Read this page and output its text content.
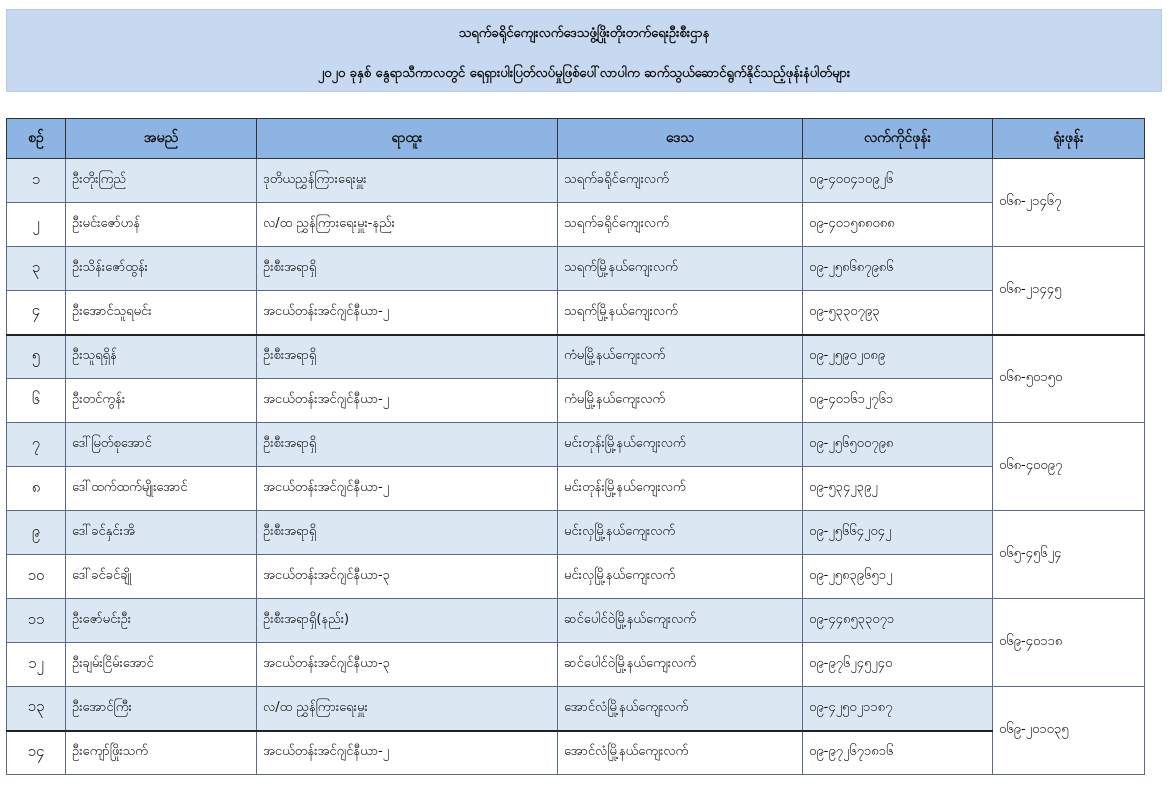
သရက်ခရိုင်ကျေးလက်ဒေသဖွံ့ဖြိုးတိုးတက်ရေးဦးစီးဌာန
၂၀၂၀ ခုနှစ် နွေရာသီကာလတွင် ရေရှားပါးပြတ်လပ်မှုဖြစ်ပေါ်လာပါက ဆက်သွယ်ဆောင်ရွက်နိုင်သည့်ဖုန်းနံပါတ်များ
စဉ်	အမည်	ရာထူး	ဒေသ	လက်ကိုင်ဖုန်း	ရုံးဖုန်း
၁	ဦးတိုးကြည်	ဒုတိယညွှန်ကြားရေးမှူး	သရက်ခရိုင်ကျေးလက်	၀၉-၄၀၀၄၁၀၉၂၆	၀၆၈-၂၁၄၆၇
၂	ဦးမင်းဇော်ဟန်	လ/ထ ညွှန်ကြားရေးမှူး-နည်း	သရက်ခရိုင်ကျေးလက်	၀၉-၄၀၁၅၈၈၀၈၈	
၃	ဦးသိန်းဇော်ထွန်း	ဦးစီးအရာရှိ	သရက်မြို့နယ်ကျေးလက်	၀၉-၂၅၈၆၈၇၉၈၆	၀၆၈-၂၁၄၄၅
၄	ဦးအောင်သူရမင်း	အငယ်တန်းအင်ဂျင်နီယာ-၂	သရက်မြို့နယ်ကျေးလက်	၀၉-၅၃၃၀၇၉၃	
၅	ဦးသူရရှိန်	ဦးစီးအရာရှိ	ကံမမြို့နယ်ကျေးလက်	၀၉-၂၅၉၀၂၀၈၉	၀၆၈-၅၀၁၅၀
၆	ဦးတင်ကွန်း	အငယ်တန်းအင်ဂျင်နီယာ-၂	ကံမမြို့နယ်ကျေးလက်	၀၉-၄၀၁၆၁၂၇၆၁	
၇	ဒေါ်မြတ်စုအောင်	ဦးစီးအရာရှိ	မင်းတုန်းမြို့နယ်ကျေးလက်	၀၉-၂၅၆၅၀၀၇၉၈	၀၆၈-၄၀၀၉၇
၈	ဒေါ်ထက်ထက်မျိုးအောင်	အငယ်တန်းအင်ဂျင်နီယာ-၂	မင်းတုန်းမြို့နယ်ကျေးလက်	၀၉-၅၃၄၂၃၉၂	
၉	ဒေါ်ခင်နှင်းအိ	ဦးစီးအရာရှိ	မင်းလှမြို့နယ်ကျေးလက်	၀၉-၂၅၆၆၄၂၀၄၂	၀၆၅-၄၅၆၂၄
၁၀	ဒေါ်ခင်ခင်ချို	အငယ်တန်းအင်ဂျင်နီယာ-၃	မင်းလှမြို့နယ်ကျေးလက်	၀၉-၂၅၈၃၉၆၅၁၂	
၁၁	ဦးဇော်မင်းဦး	ဦးစီးအရာရှိ(နည်း)	ဆင်ပေါင်ဝဲမြို့နယ်ကျေးလက်	၀၉-၄၄၈၅၃၃၀၇၁	၀၆၉-၄၀၁၁၈
၁၂	ဦးချမ်းငြိမ်းအောင်	အငယ်တန်းအင်ဂျင်နီယာ-၃	ဆင်ပေါင်ဝဲမြို့နယ်ကျေးလက်	၀၉-၉၇၆၂၄၅၂၄၀	
၁၃	ဦးအောင်ကြီး	လ/ထ ညွှန်ကြားရေးမှူး	အောင်လံမြို့နယ်ကျေးလက်	၀၉-၄၂၅၀၂၁၁၈၇	၀၆၉-၂၀၁၀၃၅
၁၄	ဦးကျော်ဖြိုးသက်	အငယ်တန်းအင်ဂျင်နီယာ-၂	အောင်လံမြို့နယ်ကျေးလက်	၀၉-၉၇၂၆၇၁၈၁၆	
